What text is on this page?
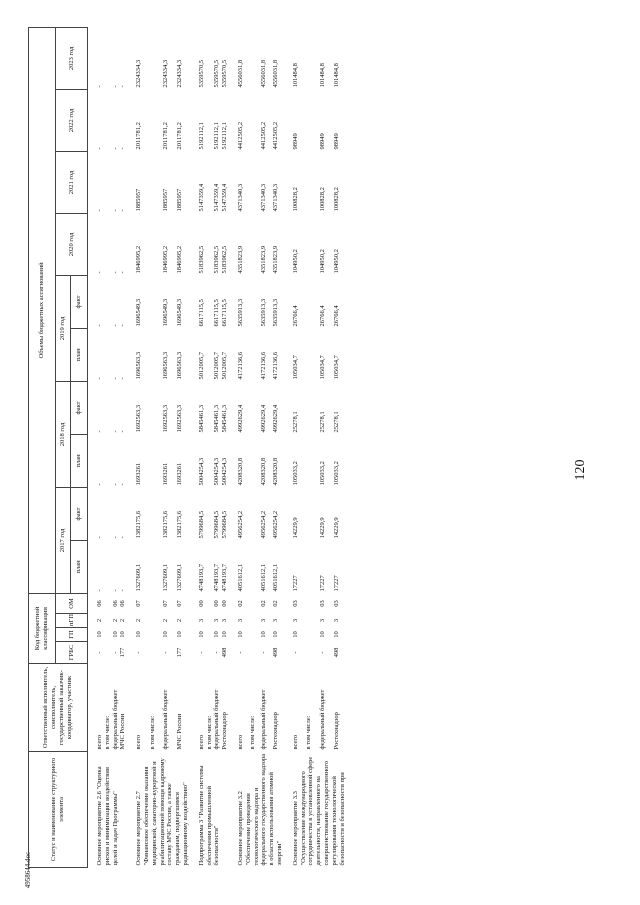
120
4958644.doc
Статус и наименование структурного элемента	Ответственный исполнитель, соисполнитель, государственный заказчик-координатор, участник	Код бюджетной классификации				Объемы бюджетных ассигнований									
		ГРБС	ГП	пГП	ОМ	2017 год		2018 год		2019 год		2020 год	2021 год	2022 год	2023 год
						план	факт	план	факт	план	факт				

Основное мероприятие 2.6 "Оценка рисков и минимизация воздействия целей и задач Программы"	всего	-	10	2	06	-	-	-	-	-	-	-	-	-	-
	в том числе:														
	федеральный бюджет	-	10	2	06	-	-	-	-	-	-	-	-	-	-
	МЧС России	177	10	2	06	-	-	-	-	-	-	-	-	-	-

Основное мероприятие 2.7 "Финансовое обеспечение оказания медицинской, санаторно-курортной и реабилитационной помощи кадровому составу МЧС России, а также гражданам, подвергшимся радиационному воздействию"	всего	-	10	2	07	1327609,1	1382175,6	1693261	1692563,3	1696563,3	1696549,3	1846995,2	1885957	2011781,2	2324334,3
	в том числе:														
	федеральный бюджет	-	10	2	07	1327609,1	1382175,6	1693261	1692563,3	1696563,3	1696549,3	1846995,2	1885957	2011781,2	2324334,3
	МЧС России	177	10	2	07	1327609,1	1382175,6	1693261	1692563,3	1696563,3	1696549,3	1846995,2	1885957	2011781,2	2324334,3

Подпрограмма 3 "Развитие системы обеспечения промышленной безопасности"	всего	-	10	3	00	4748193,7	5799684,5	5004254,3	5845461,3	5012005,7	6617115,5	5183962,5	5147359,4	5192112,1	5359570,5
	в том числе:														
	федеральный бюджет	-	10	3	00	4748193,7	5799684,5	5004254,3	5845461,3	5012005,7	6617115,5	5183962,5	5147359,4	5192112,1	5359570,5
	Ростехнадзор	498	10	3	00	4748193,7	5799684,5	5004254,3	5845461,3	5012005,7	6617115,5	5183962,5	5147359,4	5192112,1	5359570,5

Основное мероприятие 3.2 "Обеспечение проведения технологического надзора и федерального государственного надзора в области использования атомной энергии"	всего	-	10	3	02	4051612,1	4956254,2	4208320,8	4992629,4	4172136,6	5635913,3	4351823,9	4371340,3	4412505,2	4556031,8
	в том числе:														
	федеральный бюджет	-	10	3	02	4051612,1	4956254,2	4208320,8	4992629,4	4172136,6	5635913,3	4351823,9	4371340,3	4412505,2	4556031,8
	Ростехнадзор	498	10	3	02	4051612,1	4956254,2	4208320,8	4992629,4	4172136,6	5635913,3	4351823,9	4371340,3	4412505,2	4556031,8

Основное мероприятие 3.3 "Осуществление международного сотрудничества в установленной сфере деятельности, направленного на совершенствование государственного регулирования технологической безопасности и безопасности при	всего	-	10	3	03	17227	14229,9	105033,2	25278,1	105034,7	26766,4	104950,2	100828,2	98949	101484,8
	в том числе:														
	федеральный бюджет	-	10	3	03	17227	14229,9	105033,2	25278,1	105034,7	26766,4	104950,2	100828,2	98949	101484,8
	Ростехнадзор	498	10	3	03	17227	14229,9	105033,2	25278,1	105034,7	26766,4	104950,2	100828,2	98949	101484,8
